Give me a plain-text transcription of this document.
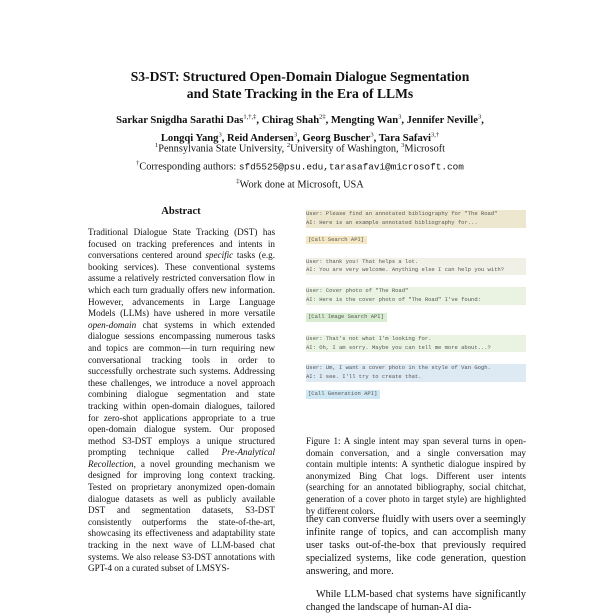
S3-DST: Structured Open-Domain Dialogue Segmentation
and State Tracking in the Era of LLMs
Sarkar Snigdha Sarathi Das$^{1,\dagger,\ddagger}$, Chirag Shah$^{2\ddagger}$, Mengting Wan$^3$, Jennifer Neville$^3$,
Longqi Yang$^3$, Reid Andersen$^3$, Georg Buscher$^3$, Tara Safavi$^{3,\dagger}$
$^1$Pennsylvania State University, $^2$University of Washington, $^3$Microsoft
†Corresponding authors: sfd5525@psu.edu,tarasafavi@microsoft.com
‡Work done at Microsoft, USA
Abstract
Traditional Dialogue State Tracking (DST) has focused on tracking preferences and intents in conversations centered around specific tasks (e.g. booking services). These conventional systems assume a relatively restricted conversation flow in which each turn gradually offers new information. However, advancements in Large Language Models (LLMs) have ushered in more versatile open-domain chat systems in which extended dialogue sessions encompassing numerous tasks and topics are common—in turn requiring new conversational tracking tools in order to successfully orchestrate such systems. Addressing these challenges, we introduce a novel approach combining dialogue segmentation and state tracking within open-domain dialogues, tailored for zero-shot applications appropriate to a true open-domain dialogue system. Our proposed method S3-DST employs a unique structured prompting technique called Pre-Analytical Recollection, a novel grounding mechanism we designed for improving long context tracking. Tested on proprietary anonymized open-domain dialogue datasets as well as publicly available DST and segmentation datasets, S3-DST consistently outperforms the state-of-the-art, showcasing its effectiveness and adaptability state tracking in the next wave of LLM-based chat systems. We also release S3-DST annotations with GPT-4 on a curated subset of LMSYS-
User: Please find an annotated bibliography for "The Road"
AI: Here is an example annotated bibliography for...
[Call Search API]
User: thank you! That helps a lot.
AI: You are very welcome. Anything else I can help you with?
User: Cover photo of "The Road"
AI: Here is the cover photo of "The Road" I've found:
[Call Image Search API]
User: That's not what I'm looking for.
AI: Oh, I am sorry. Maybe you can tell me more about...?
User: Um, I want a cover photo in the style of Van Gogh.
AI: I see. I'll try to create that.
[Call Generation API]
Figure 1: A single intent may span several turns in open-domain conversation, and a single conversation may contain multiple intents: A synthetic dialogue inspired by anonymized Bing Chat logs. Different user intents (searching for an annotated bibliography, social chitchat, generation of a cover photo in target style) are highlighted by different colors.

they can converse fluidly with users over a seemingly infinite range of topics, and can accomplish many user tasks out-of-the-box that previously required specialized systems, like code generation, question answering, and more.

While LLM-based chat systems have significantly changed the landscape of human-AI dia-
